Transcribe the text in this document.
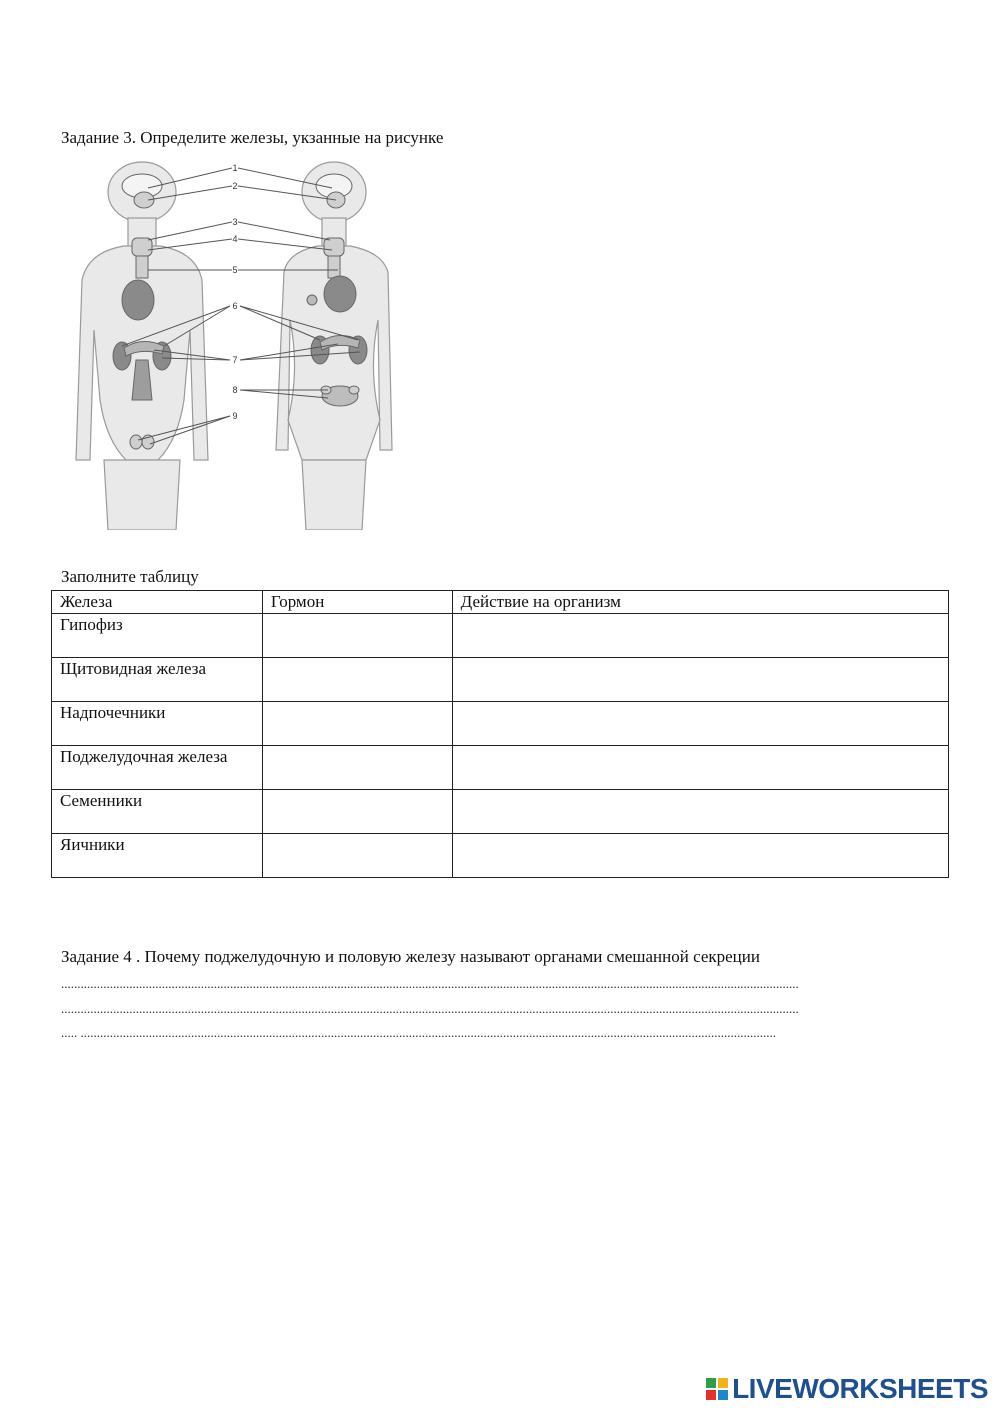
Задание 3. Определите железы, укзанные на рисунке
1
2
3
4
5
6
7
8
9
Заполните таблицу
Железа	Гормон	Действие на организм
Гипофиз		
Щитовидная железа		
Надпочечники		
Поджелудочная железа		
Семенники		
Яичники		
Задание 4 . Почему поджелудочную и половую железу называют органами смешанной секреции
...................................................................................................................................................................................................................................
...................................................................................................................................................................................................................................
..... ......................................................................................................................................................................................................................
LIVEWORKSHEETS
